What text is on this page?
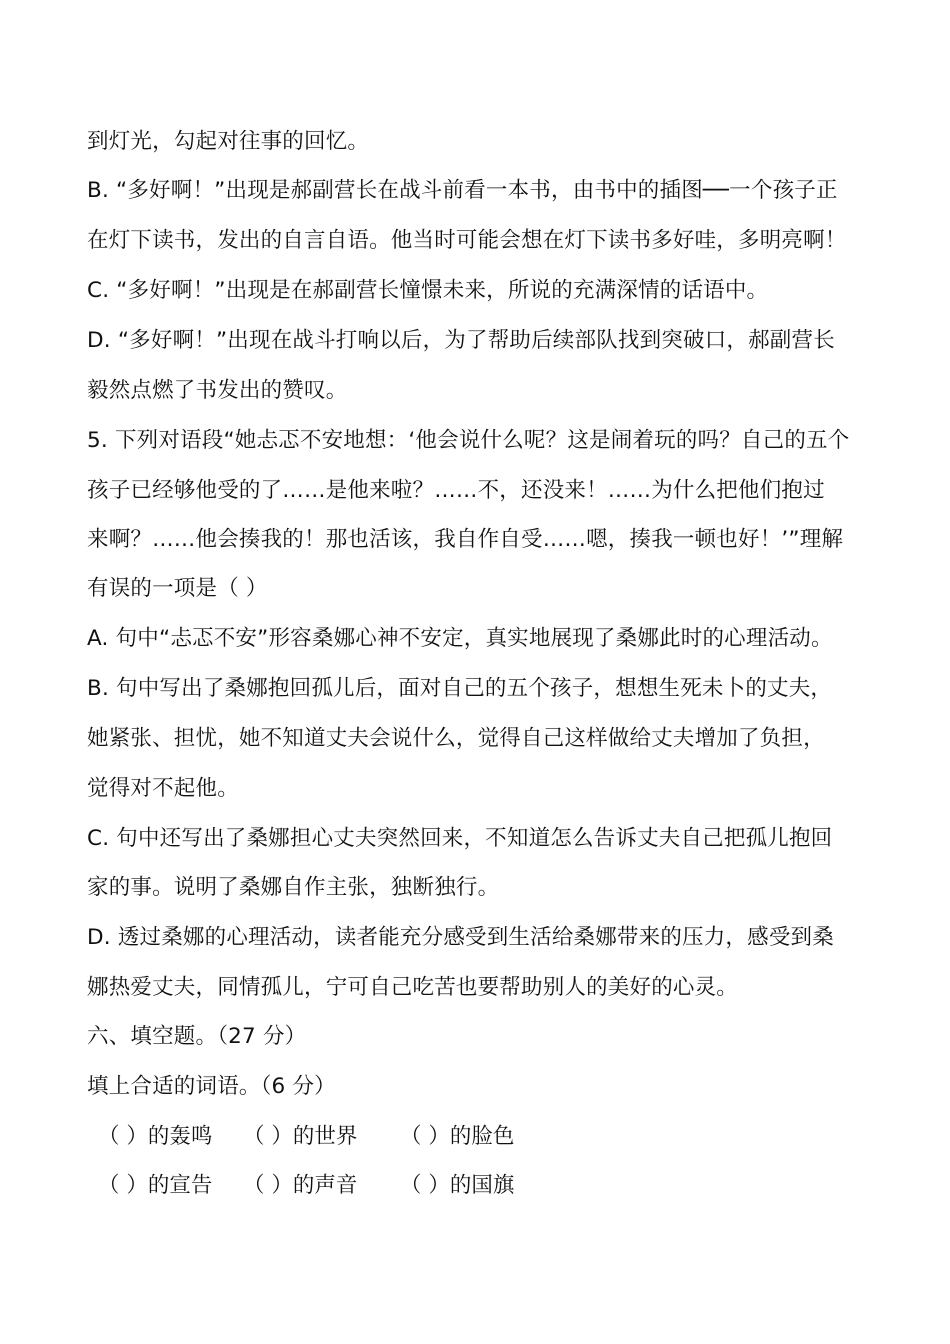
到灯光，勾起对往事的回忆。
B. “多好啊！”出现是郝副营长在战斗前看一本书，由书中的插图──一个孩子正
在灯下读书，发出的自言自语。他当时可能会想在灯下读书多好哇，多明亮啊！
C. “多好啊！”出现是在郝副营长憧憬未来，所说的充满深情的话语中。
D. “多好啊！”出现在战斗打响以后，为了帮助后续部队找到突破口，郝副营长
毅然点燃了书发出的赞叹。
5. 下列对语段“她忐忑不安地想：‘他会说什么呢？这是闹着玩的吗？自己的五个
孩子已经够他受的了……是他来啦？……不，还没来！……为什么把他们抱过
来啊？……他会揍我的！那也活该，我自作自受……嗯，揍我一顿也好！’”理解
有误的一项是（ ）
A. 句中“忐忑不安”形容桑娜心神不安定，真实地展现了桑娜此时的心理活动。
B. 句中写出了桑娜抱回孤儿后，面对自己的五个孩子，想想生死未卜的丈夫，
她紧张、担忧，她不知道丈夫会说什么，觉得自己这样做给丈夫增加了负担，
觉得对不起他。
C. 句中还写出了桑娜担心丈夫突然回来，不知道怎么告诉丈夫自己把孤儿抱回
家的事。说明了桑娜自作主张，独断独行。
D. 透过桑娜的心理活动，读者能充分感受到生活给桑娜带来的压力，感受到桑
娜热爱丈夫，同情孤儿，宁可自己吃苦也要帮助别人的美好的心灵。
六、填空题。（27 分）
填上合适的词语。（6 分）
（ ）的轰鸣 （ ）的世界 （ ）的脸色
（ ）的宣告 （ ）的声音 （ ）的国旗
